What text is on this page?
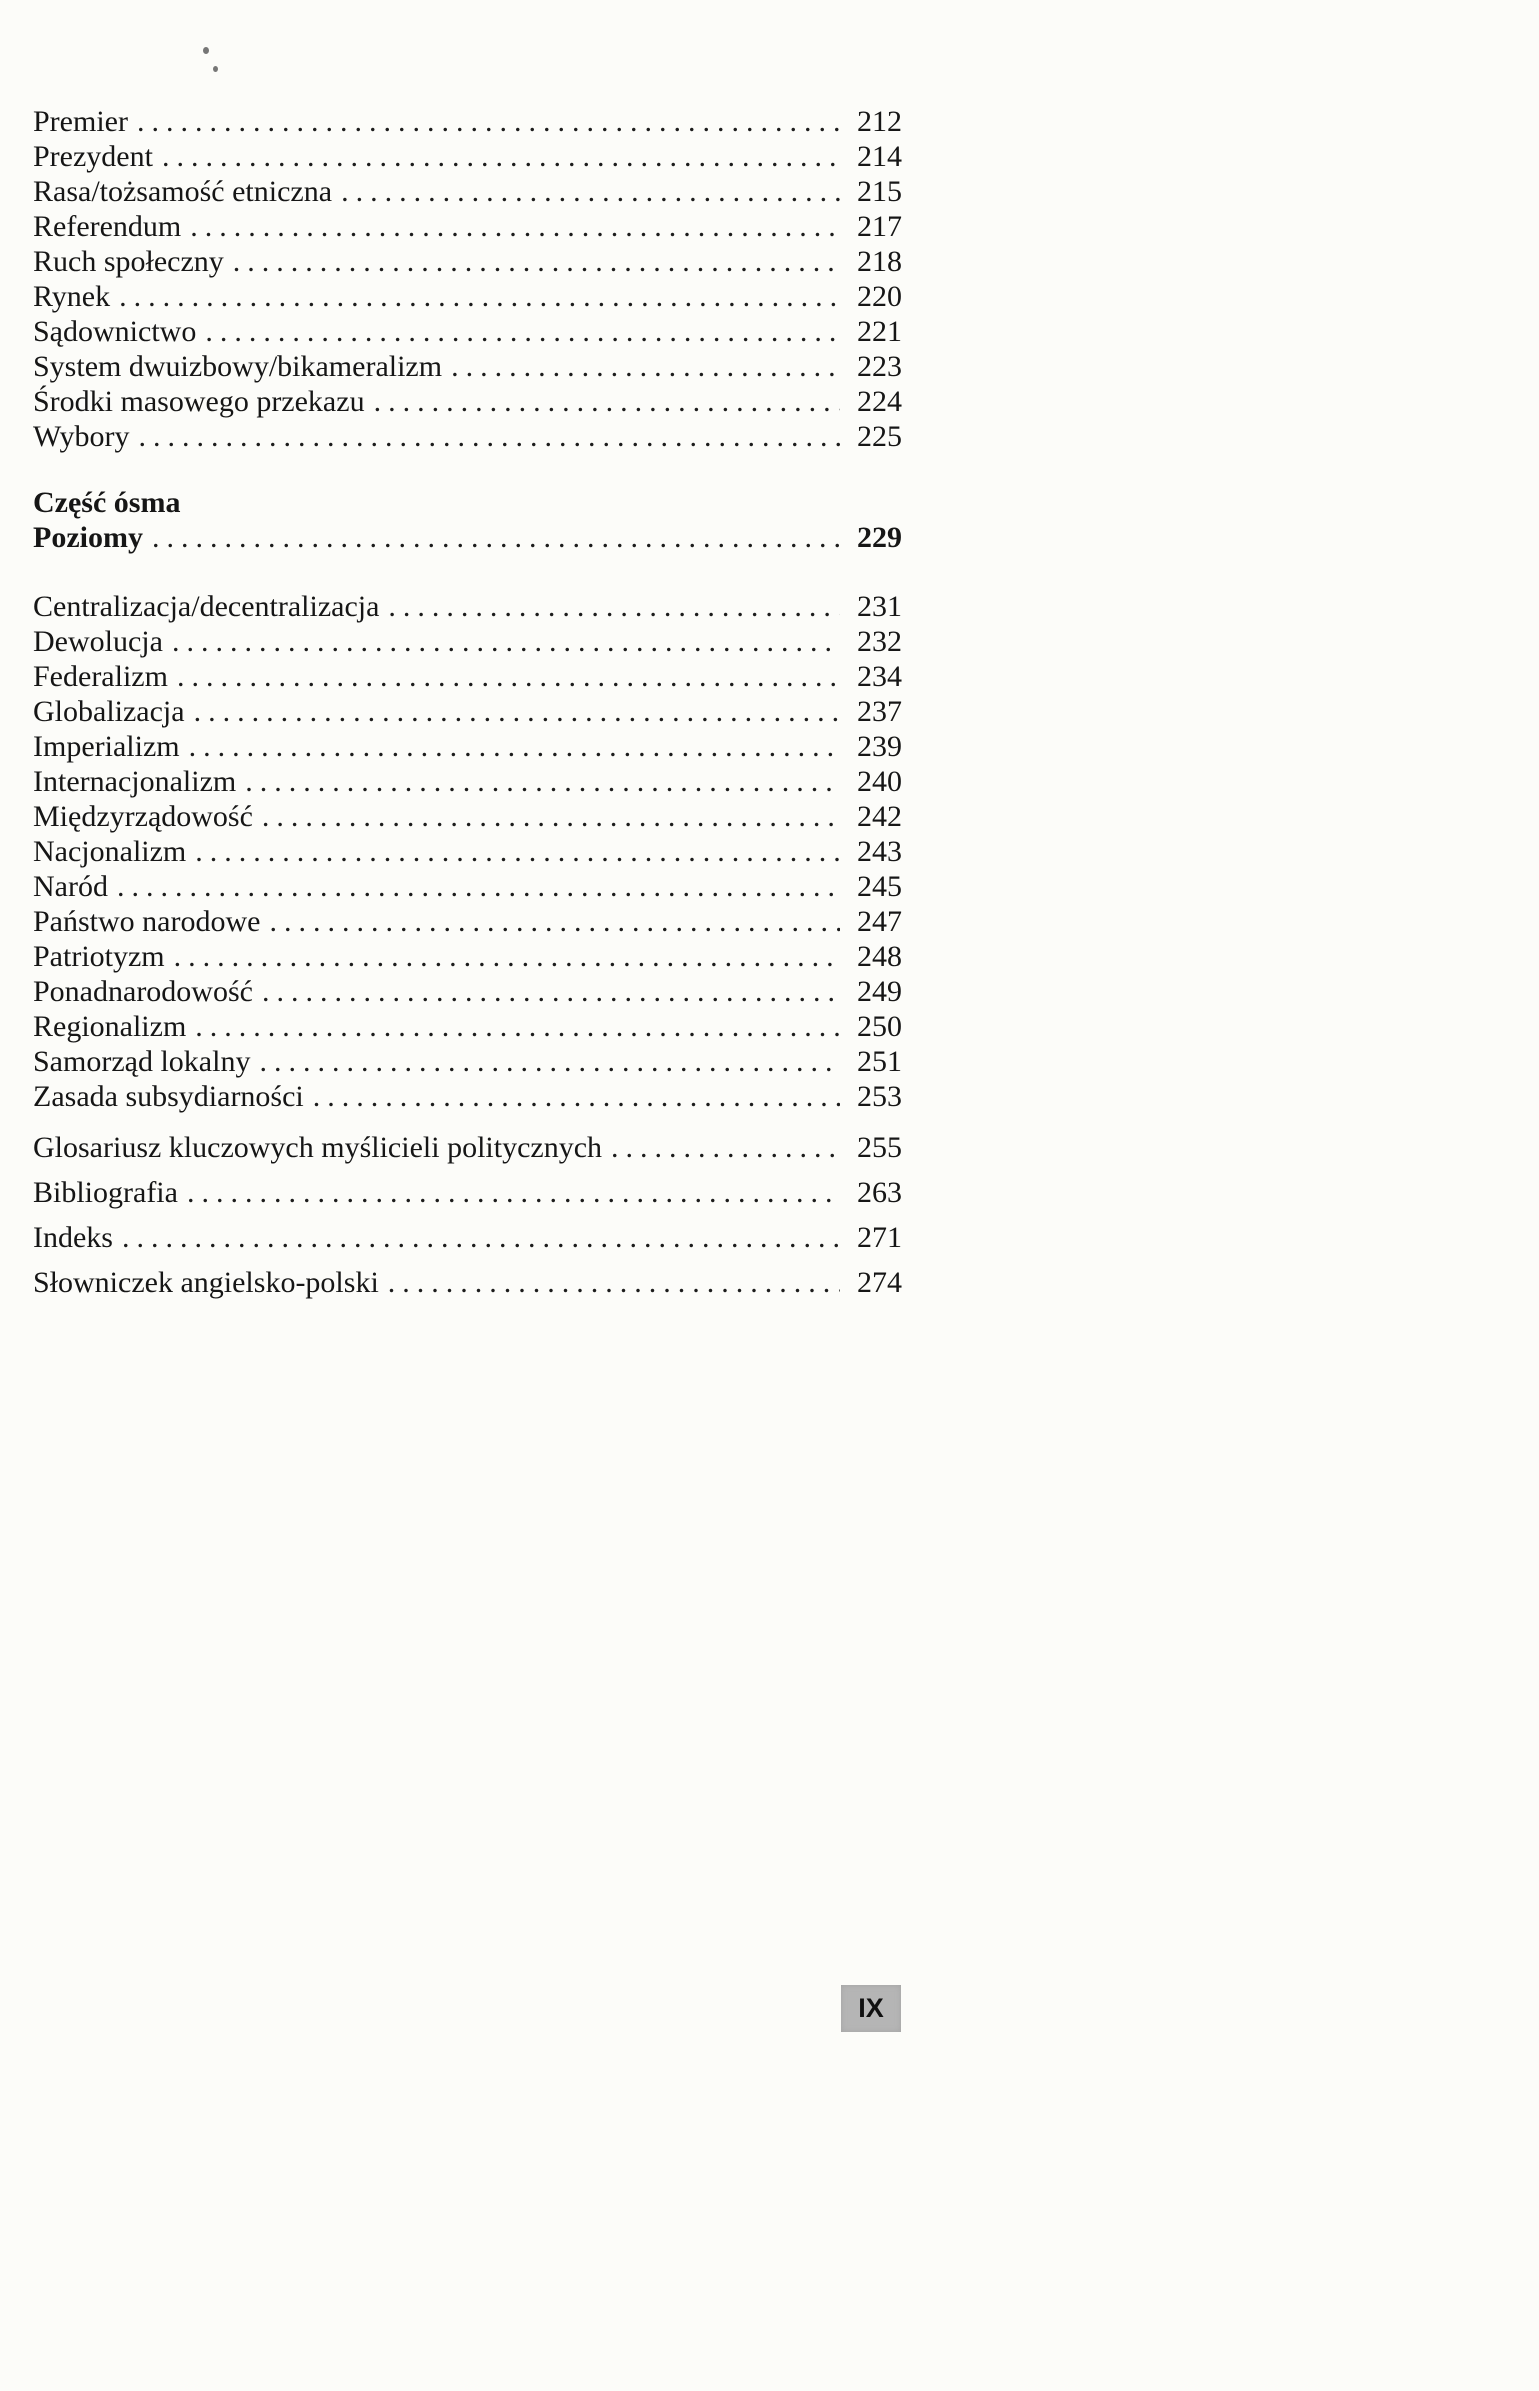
Premier .....	212
Prezydent .....	214
Rasa/tożsamość etniczna .....	215
Referendum .....	217
Ruch społeczny .....	218
Rynek .....	220
Sądownictwo .....	221
System dwuizbowy/bikameralizm .....	223
Środki masowego przekazu .....	224
Wybory .....	225
Część ósma
Poziomy .....	229
Centralizacja/decentralizacja .....	231
Dewolucja .....	232
Federalizm .....	234
Globalizacja .....	237
Imperializm .....	239
Internacjonalizm .....	240
Międzyrządowość .....	242
Nacjonalizm .....	243
Naród .....	245
Państwo narodowe .....	247
Patriotyzm .....	248
Ponadnarodowość .....	249
Regionalizm .....	250
Samorząd lokalny .....	251
Zasada subsydiarności .....	253
Glosariusz kluczowych myślicieli politycznych .....	255
Bibliografia .....	263
Indeks .....	271
Słowniczek angielsko-polski .....	274
IX
